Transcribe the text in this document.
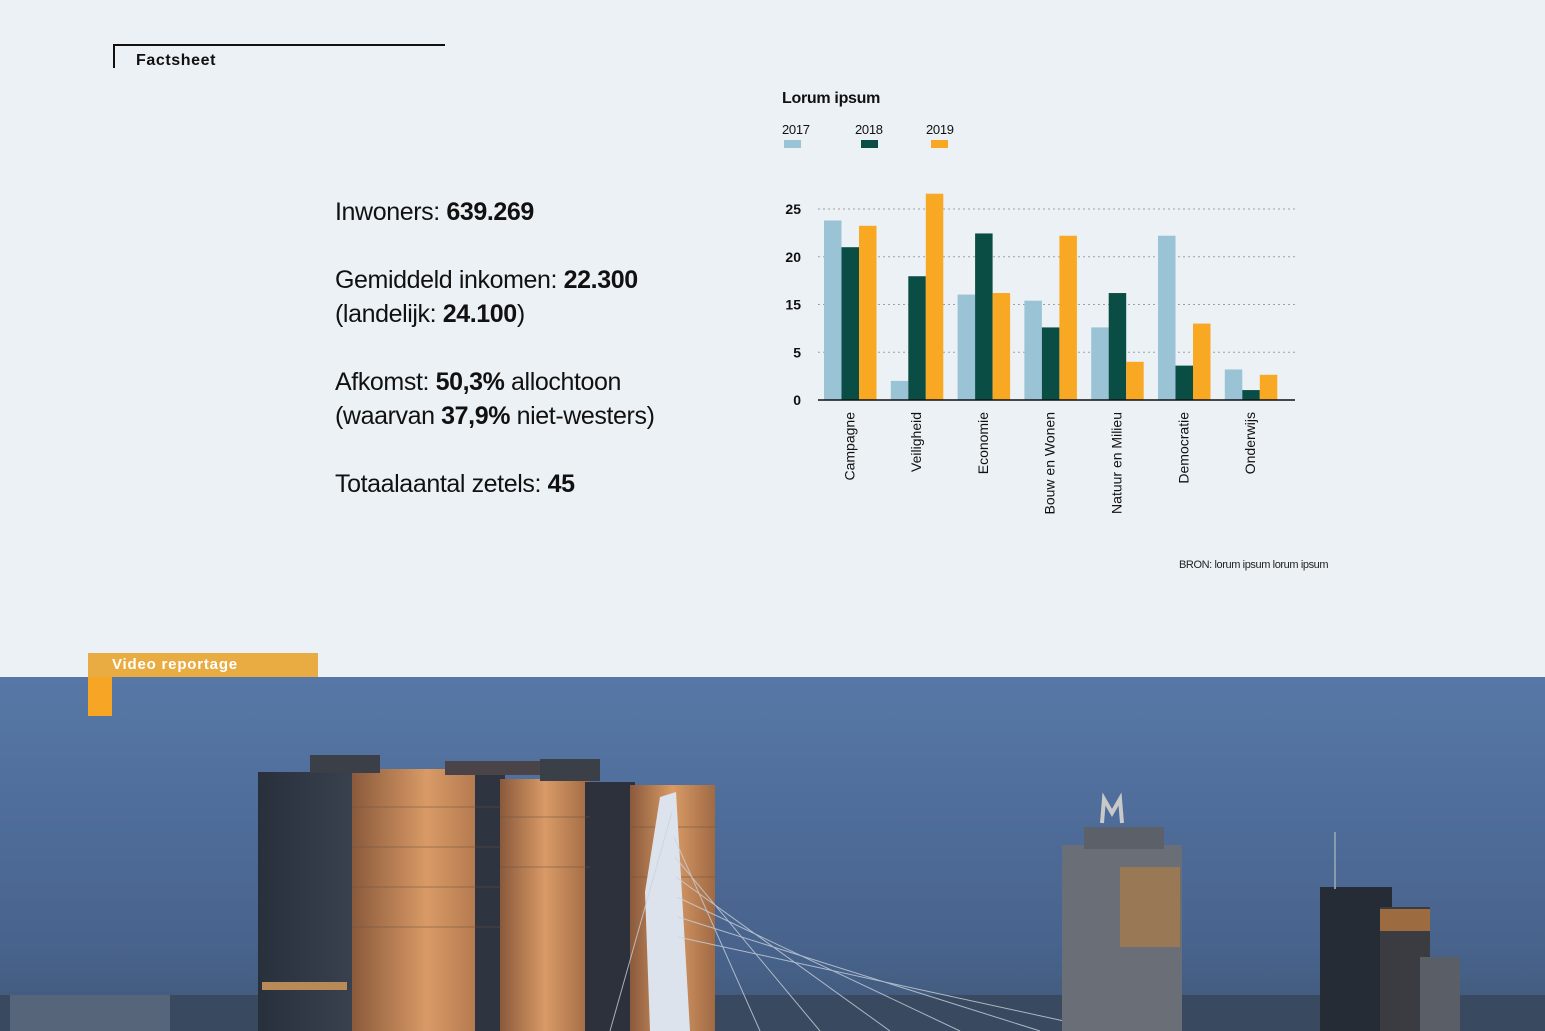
Factsheet

Inwoners: 639.269

Gemiddeld inkomen: 22.300

(landelijk: 24.100)

Afkomst: 50,3% allochtoon

(waarvan 37,9% niet-westers)

Totaalaantal zetels: 45

Lorum ipsum
2017	2018	2019
0
5
15
20
25
Campagne	Veiligheid	Economie	Bouw en Wonen	Natuur en Milieu	Democratie	Onderwijs
BRON: lorum ipsum lorum ipsum
Video reportage
